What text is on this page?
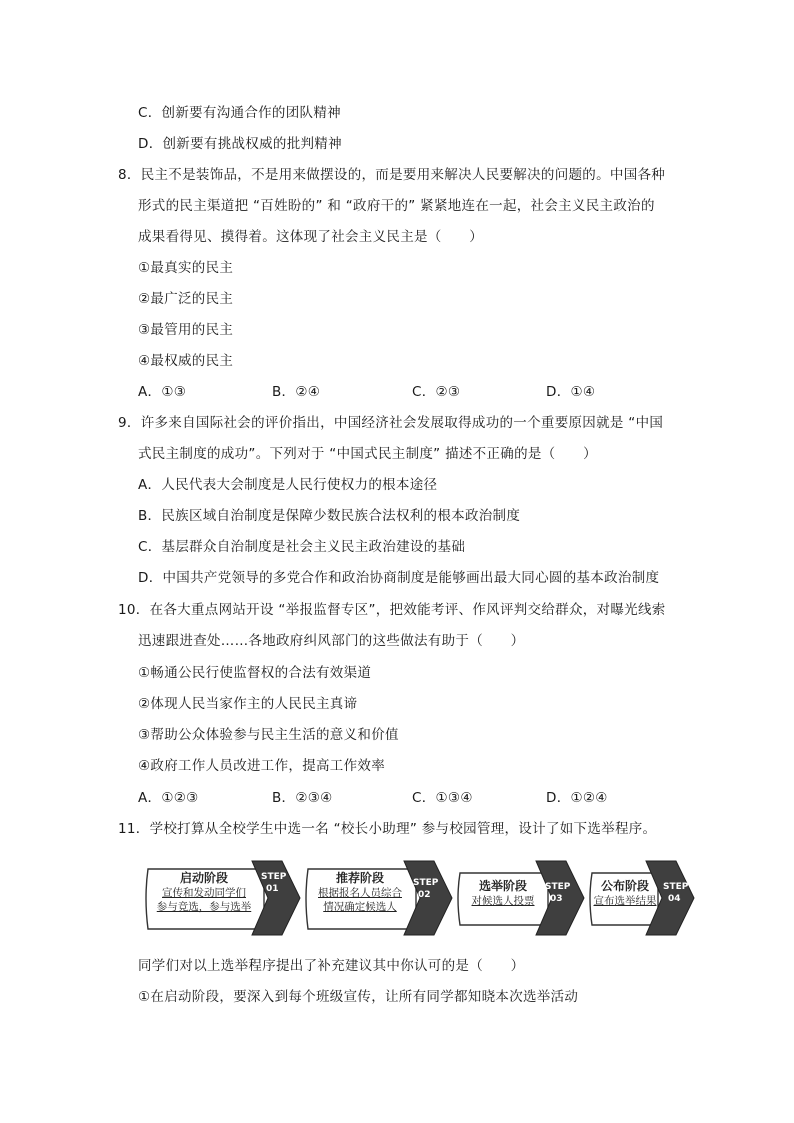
C．创新要有沟通合作的团队精神
D．创新要有挑战权威的批判精神
8．民主不是装饰品，不是用来做摆设的，而是要用来解决人民要解决的问题的。中国各种
形式的民主渠道把 “百姓盼的” 和 “政府干的” 紧紧地连在一起，社会主义民主政治的
成果看得见、摸得着。这体现了社会主义民主是（　　）
①最真实的民主
②最广泛的民主
③最管用的民主
④最权威的民主
A．①③	B．②④	C．②③	D．①④
9．许多来自国际社会的评价指出，中国经济社会发展取得成功的一个重要原因就是 “中国
式民主制度的成功”。下列对于 “中国式民主制度” 描述不正确的是（　　）
A．人民代表大会制度是人民行使权力的根本途径
B．民族区域自治制度是保障少数民族合法权利的根本政治制度
C．基层群众自治制度是社会主义民主政治建设的基础
D．中国共产党领导的多党合作和政治协商制度是能够画出最大同心圆的基本政治制度
10．在各大重点网站开设 “举报监督专区”，把效能考评、作风评判交给群众，对曝光线索
迅速跟进查处……各地政府纠风部门的这些做法有助于（　　）
①畅通公民行使监督权的合法有效渠道
②体现人民当家作主的人民民主真谛
③帮助公众体验参与民主生活的意义和价值
④政府工作人员改进工作，提高工作效率
A．①②③	B．②③④	C．①③④	D．①②④
11．学校打算从全校学生中选一名 “校长小助理” 参与校园管理，设计了如下选举程序。
STEP
01
STEP
02
STEP
03
STEP
04
启动阶段
宣传和发动同学们
参与竞选，参与选举
推荐阶段
根据报名人员综合
情况确定候选人
选举阶段
对候选人投票
公布阶段
宣布选举结果
同学们对以上选举程序提出了补充建议其中你认可的是（　　）
①在启动阶段，要深入到每个班级宣传，让所有同学都知晓本次选举活动
